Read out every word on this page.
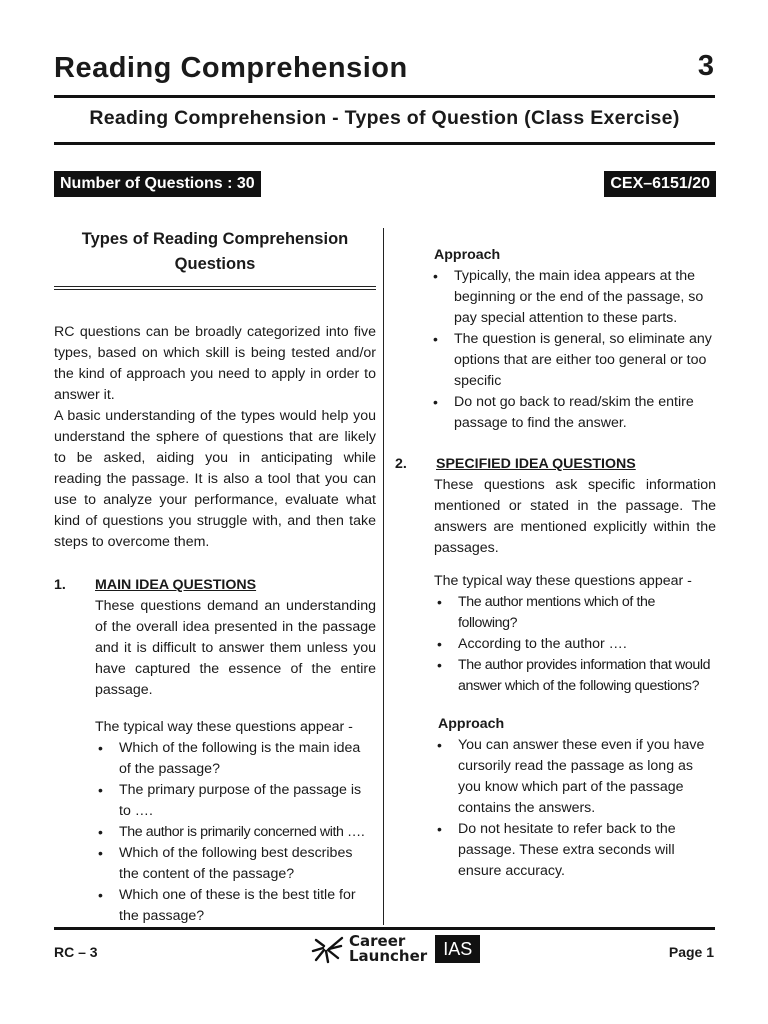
Reading Comprehension	3
Reading Comprehension - Types of Question (Class Exercise)
Number of Questions : 30	CEX–6151/20
Types of Reading Comprehension Questions

RC questions can be broadly categorized into five types, based on which skill is being tested and/or the kind of approach you need to apply in order to answer it.

A basic understanding of the types would help you understand the sphere of questions that are likely to be asked, aiding you in anticipating while reading the passage. It is also a tool that you can use to analyze your performance, evaluate what kind of questions you struggle with, and then take steps to overcome them.

1.	MAIN IDEA QUESTIONS

These questions demand an understanding of the overall idea presented in the passage and it is difficult to answer them unless you have captured the essence of the entire passage.

The typical way these questions appear -

• Which of the following is the main idea of the passage?
• The primary purpose of the passage is to ….
• The author is primarily concerned with ….
• Which of the following best describes the content of the passage?
• Which one of these is the best title for the passage?
Approach
• Typically, the main idea appears at the beginning or the end of the passage, so pay special attention to these parts.
• The question is general, so eliminate any options that are either too general or too specific
• Do not go back to read/skim the entire passage to find the answer.
2.	SPECIFIED IDEA QUESTIONS

These questions ask specific information mentioned or stated in the passage. The answers are mentioned explicitly within the passages.

The typical way these questions appear -

• The author mentions which of the following?
• According to the author ….
• The author provides information that would answer which of the following questions?
Approach
• You can answer these even if you have cursorily read the passage as long as you know which part of the passage contains the answers.
• Do not hesitate to refer back to the passage. These extra seconds will ensure accuracy.
RC – 3
Career
Launcher IAS	Page 1
